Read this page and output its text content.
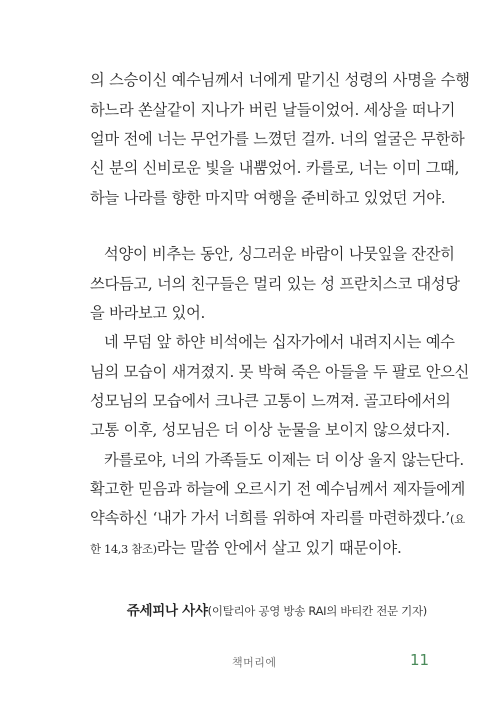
의 스승이신 예수님께서 너에게 맡기신 성령의 사명을 수행
하느라 쏜살같이 지나가 버린 날들이었어. 세상을 떠나기
얼마 전에 너는 무언가를 느꼈던 걸까. 너의 얼굴은 무한하
신 분의 신비로운 빛을 내뿜었어. 카를로, 너는 이미 그때,
하늘 나라를 향한 마지막 여행을 준비하고 있었던 거야.
석양이 비추는 동안, 싱그러운 바람이 나뭇잎을 잔잔히
쓰다듬고, 너의 친구들은 멀리 있는 성 프란치스코 대성당
을 바라보고 있어.
네 무덤 앞 하얀 비석에는 십자가에서 내려지시는 예수
님의 모습이 새겨졌지. 못 박혀 죽은 아들을 두 팔로 안으신
성모님의 모습에서 크나큰 고통이 느껴져. 골고타에서의
고통 이후, 성모님은 더 이상 눈물을 보이지 않으셨다지.
카를로야, 너의 가족들도 이제는 더 이상 울지 않는단다.
확고한 믿음과 하늘에 오르시기 전 예수님께서 제자들에게
약속하신 ‘내가 가서 너희를 위하여 자리를 마련하겠다.’(요
한 14,3 참조)라는 말씀 안에서 살고 있기 때문이야.
쥬세피나 사샤(이탈리아 공영 방송 RAI의 바티칸 전문 기자)
책머리에	11
